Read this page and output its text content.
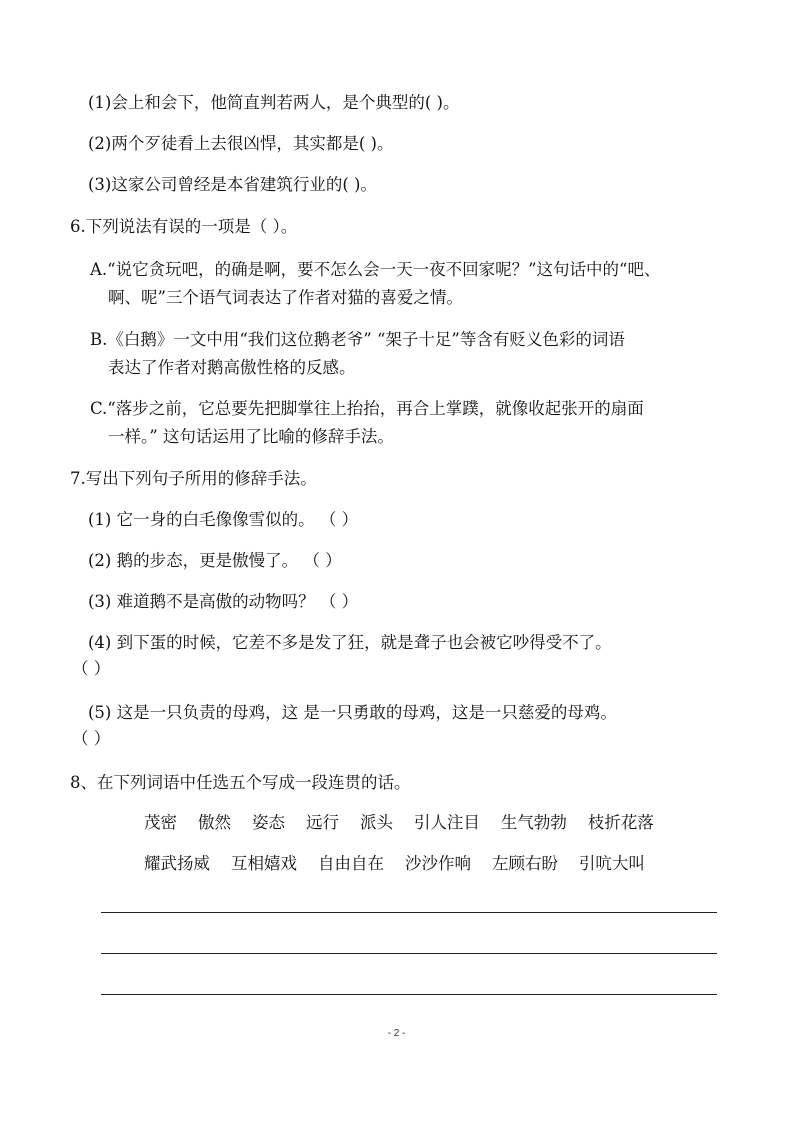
(1)会上和会下，他简直判若两人，是个典型的( )。
(2)两个歹徒看上去很凶悍，其实都是( )。
(3)这家公司曾经是本省建筑行业的( )。
6.下列说法有误的一项是（ ）。
A.“说它贪玩吧，的确是啊，要不怎么会一天一夜不回家呢？”这句话中的“吧、
啊、呢”三个语气词表达了作者对猫的喜爱之情。
B.《白鹅》一文中用“我们这位鹅老爷” “架子十足”等含有贬义色彩的词语
表达了作者对鹅高傲性格的反感。
C.“落步之前，它总要先把脚掌往上抬抬，再合上掌蹼，就像收起张开的扇面
一样。” 这句话运用了比喻的修辞手法。
7.写出下列句子所用的修辞手法。
(1) 它一身的白毛像像雪似的。 （ ）
(2) 鹅的步态，更是傲慢了。 （ ）
(3) 难道鹅不是高傲的动物吗？ （ ）
(4) 到下蛋的时候，它差不多是发了狂，就是聋子也会被它吵得受不了。
（ ）
(5) 这是一只负责的母鸡，这 是一只勇敢的母鸡，这是一只慈爱的母鸡。
（ ）
8、在下列词语中任选五个写成一段连贯的话。
茂密 傲然 姿态 远行 派头 引人注目 生气勃勃 枝折花落
耀武扬威 互相嬉戏 自由自在 沙沙作响 左顾右盼 引吭大叫
- 2 -
